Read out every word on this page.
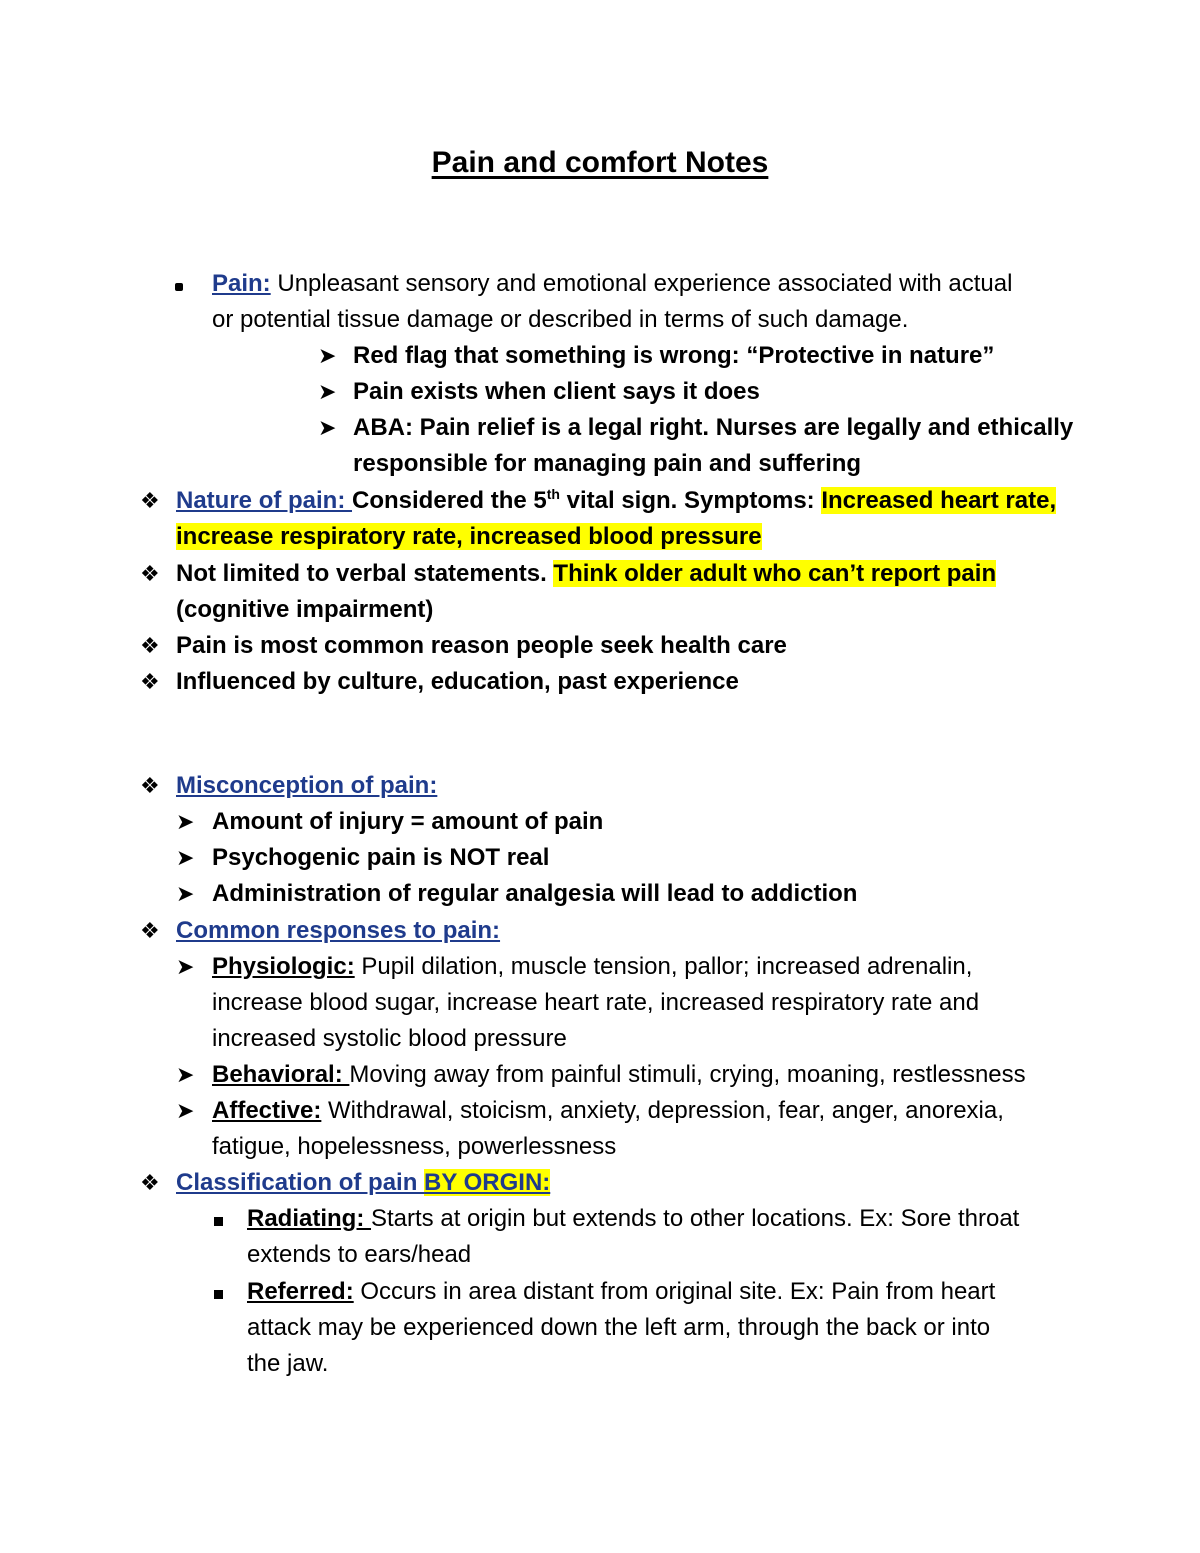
Pain and comfort Notes
Pain: Unpleasant sensory and emotional experience associated with actual
or potential tissue damage or described in terms of such damage.
➤ Red flag that something is wrong: “Protective in nature”
➤ Pain exists when client says it does
➤ ABA: Pain relief is a legal right. Nurses are legally and ethically
responsible for managing pain and suffering
❖ Nature of pain: Considered the 5th vital sign. Symptoms: Increased heart rate,
increase respiratory rate, increased blood pressure
❖ Not limited to verbal statements. Think older adult who can’t report pain
(cognitive impairment)
❖ Pain is most common reason people seek health care
❖ Influenced by culture, education, past experience
❖ Misconception of pain:
➤ Amount of injury = amount of pain
➤ Psychogenic pain is NOT real
➤ Administration of regular analgesia will lead to addiction
❖ Common responses to pain:
➤ Physiologic: Pupil dilation, muscle tension, pallor; increased adrenalin,
increase blood sugar, increase heart rate, increased respiratory rate and
increased systolic blood pressure
➤ Behavioral: Moving away from painful stimuli, crying, moaning, restlessness
➤ Affective: Withdrawal, stoicism, anxiety, depression, fear, anger, anorexia,
fatigue, hopelessness, powerlessness
❖ Classification of pain BY ORGIN:
Radiating: Starts at origin but extends to other locations. Ex: Sore throat
extends to ears/head
Referred: Occurs in area distant from original site. Ex: Pain from heart
attack may be experienced down the left arm, through the back or into
the jaw.
